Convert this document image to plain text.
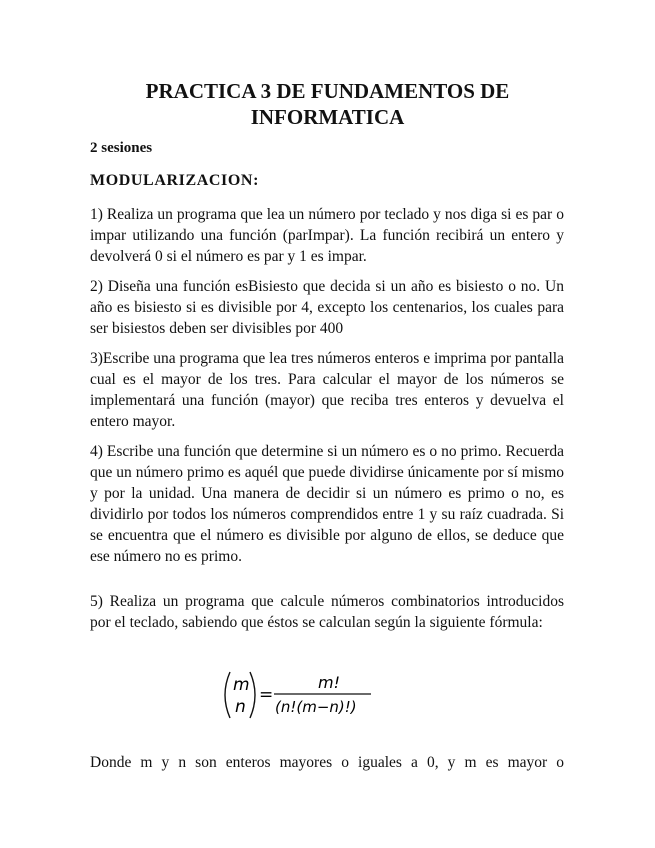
PRACTICA 3 DE FUNDAMENTOS DE INFORMATICA

2 sesiones

MODULARIZACION:

1) Realiza un programa que lea un número por teclado y nos diga si es par o impar utilizando una función (parImpar). La función recibirá un entero y devolverá 0 si el número es par y 1 es impar.

2) Diseña una función esBisiesto que decida si un año es bisiesto o no. Un año es bisiesto si es divisible por 4, excepto los centenarios, los cuales para ser bisiestos deben ser divisibles por 400

3)Escribe una programa que lea tres números enteros e imprima por pantalla cual es el mayor de los tres. Para calcular el mayor de los números se implementará una función (mayor) que reciba tres enteros y devuelva el entero mayor.

4) Escribe una función que determine si un número es o no primo. Recuerda que un número primo es aquél que puede dividirse únicamente por sí mismo y por la unidad. Una manera de decidir si un número es primo o no, es dividirlo por todos los números comprendidos entre 1 y su raíz cuadrada. Si se encuentra que el número es divisible por alguno de ellos, se deduce que ese número no es primo.

5) Realiza un programa que calcule números combinatorios introducidos por el teclado, sabiendo que éstos se calculan según la siguiente fórmula:

m
n
=
m!
(n!(m−n)!)

Donde m y n son enteros mayores o iguales a 0, y m es mayor o
